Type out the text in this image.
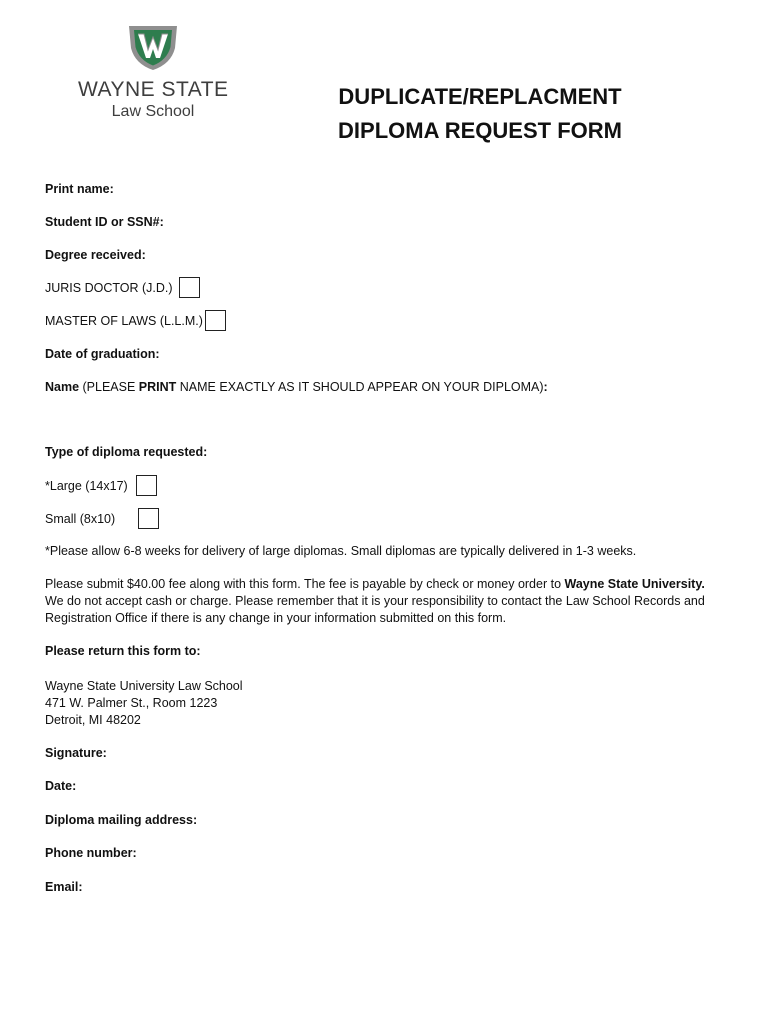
WAYNE STATE
Law School
DUPLICATE/REPLACMENT
DIPLOMA REQUEST FORM
Print name:
Student ID or SSN#:
Degree received:
JURIS DOCTOR (J.D.)
MASTER OF LAWS (L.L.M.)
Date of graduation:
Name (PLEASE PRINT NAME EXACTLY AS IT SHOULD APPEAR ON YOUR DIPLOMA):
Type of diploma requested:
*Large (14x17)
Small (8x10)
*Please allow 6-8 weeks for delivery of large diplomas. Small diplomas are typically delivered in 1-3 weeks.
Please submit $40.00 fee along with this form. The fee is payable by check or money order to Wayne State University.
We do not accept cash or charge. Please remember that it is your responsibility to contact the Law School Records and
Registration Office if there is any change in your information submitted on this form.
Please return this form to:
Wayne State University Law School
471 W. Palmer St., Room 1223
Detroit, MI 48202
Signature:
Date:
Diploma mailing address:
Phone number:
Email:
